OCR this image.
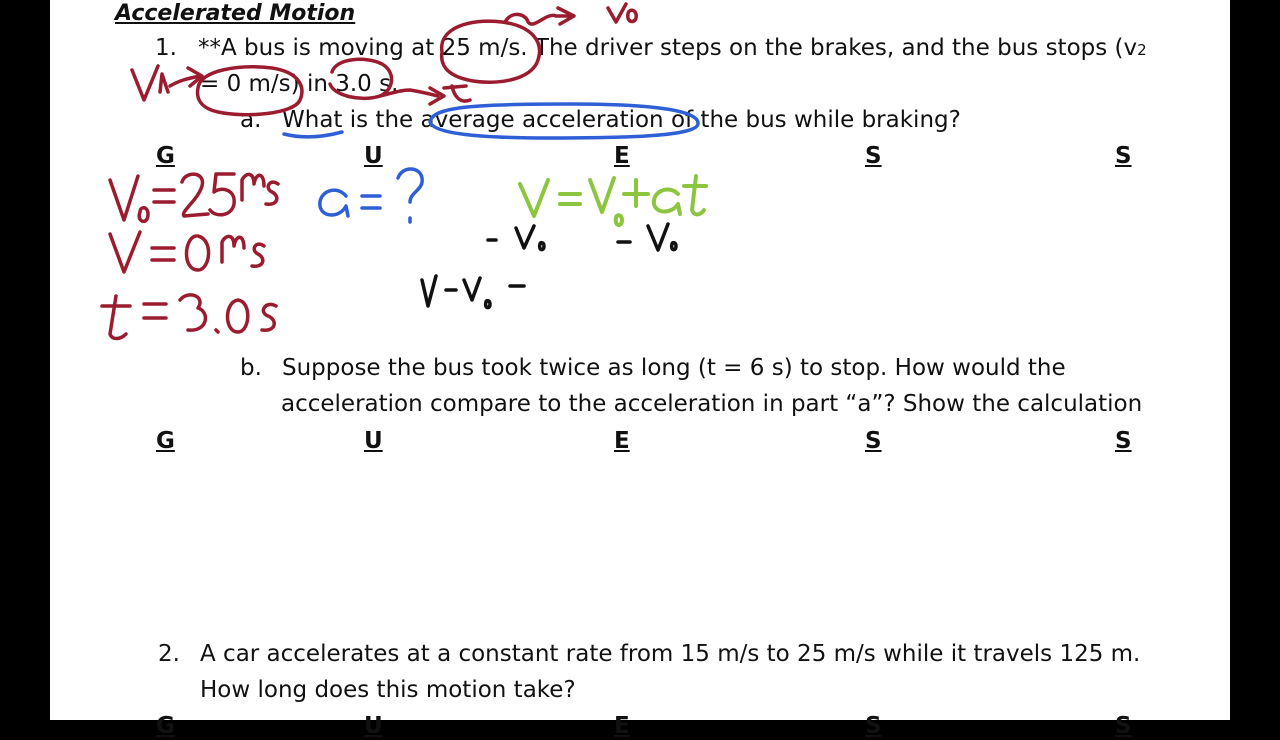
Accelerated Motion
1. **A bus is moving at 25 m/s. The driver steps on the brakes, and the bus stops (v2
= 0 m/s) in 3.0 s.
a. What is the average acceleration of the bus while braking?
G	U	E	S	S
b. Suppose the bus took twice as long (t = 6 s) to stop. How would the
acceleration compare to the acceleration in part “a”? Show the calculation
G	U	E	S	S
2. A car accelerates at a constant rate from 15 m/s to 25 m/s while it travels 125 m.
How long does this motion take?
G	U	E	S	S
